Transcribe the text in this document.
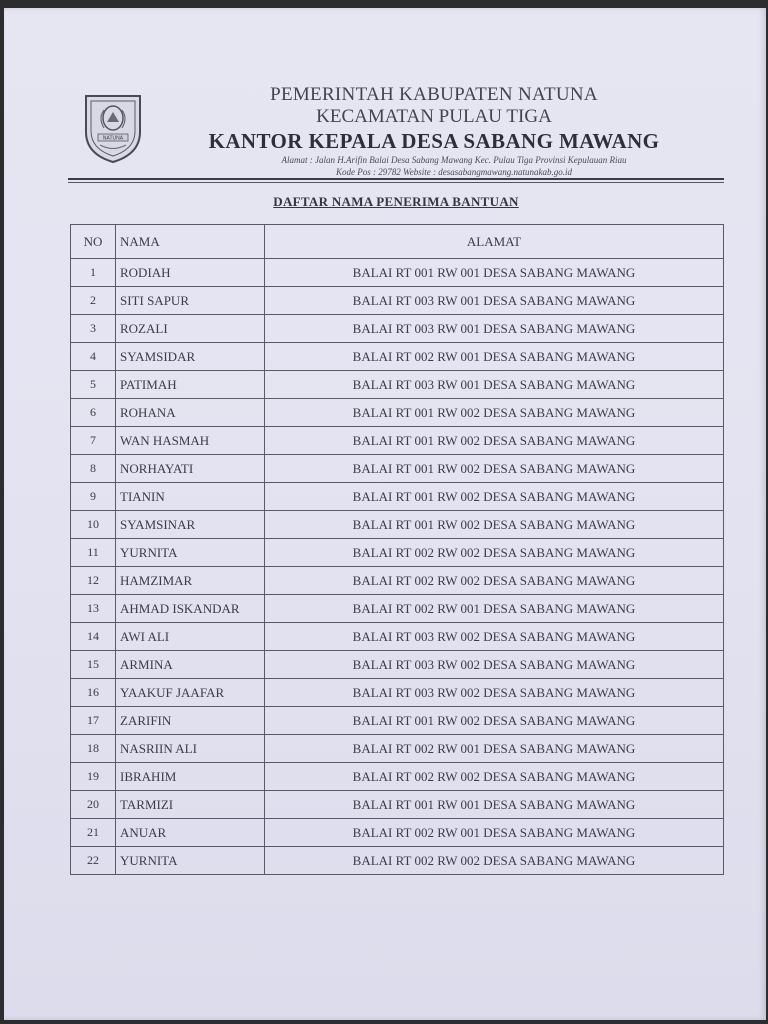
NATUNA
PEMERINTAH KABUPATEN NATUNA
KECAMATAN PULAU TIGA
KANTOR KEPALA DESA SABANG MAWANG
Alamat : Jalan H.Arifin Balai Desa Sabang Mawang Kec. Pulau Tiga Provinsi Kepulauan Riau
Kode Pos : 29782 Website : desasabangmawang.natunakab.go.id
DAFTAR NAMA PENERIMA BANTUAN
NO	NAMA	ALAMAT
1	RODIAH	BALAI RT 001 RW 001 DESA SABANG MAWANG
2	SITI SAPUR	BALAI RT 003 RW 001 DESA SABANG MAWANG
3	ROZALI	BALAI RT 003 RW 001 DESA SABANG MAWANG
4	SYAMSIDAR	BALAI RT 002 RW 001 DESA SABANG MAWANG
5	PATIMAH	BALAI RT 003 RW 001 DESA SABANG MAWANG
6	ROHANA	BALAI RT 001 RW 002 DESA SABANG MAWANG
7	WAN HASMAH	BALAI RT 001 RW 002 DESA SABANG MAWANG
8	NORHAYATI	BALAI RT 001 RW 002 DESA SABANG MAWANG
9	TIANIN	BALAI RT 001 RW 002 DESA SABANG MAWANG
10	SYAMSINAR	BALAI RT 001 RW 002 DESA SABANG MAWANG
11	YURNITA	BALAI RT 002 RW 002 DESA SABANG MAWANG
12	HAMZIMAR	BALAI RT 002 RW 002 DESA SABANG MAWANG
13	AHMAD ISKANDAR	BALAI RT 002 RW 001 DESA SABANG MAWANG
14	AWI ALI	BALAI RT 003 RW 002 DESA SABANG MAWANG
15	ARMINA	BALAI RT 003 RW 002 DESA SABANG MAWANG
16	YAAKUF JAAFAR	BALAI RT 003 RW 002 DESA SABANG MAWANG
17	ZARIFIN	BALAI RT 001 RW 002 DESA SABANG MAWANG
18	NASRIIN ALI	BALAI RT 002 RW 001 DESA SABANG MAWANG
19	IBRAHIM	BALAI RT 002 RW 002 DESA SABANG MAWANG
20	TARMIZI	BALAI RT 001 RW 001 DESA SABANG MAWANG
21	ANUAR	BALAI RT 002 RW 001 DESA SABANG MAWANG
22	YURNITA	BALAI RT 002 RW 002 DESA SABANG MAWANG
